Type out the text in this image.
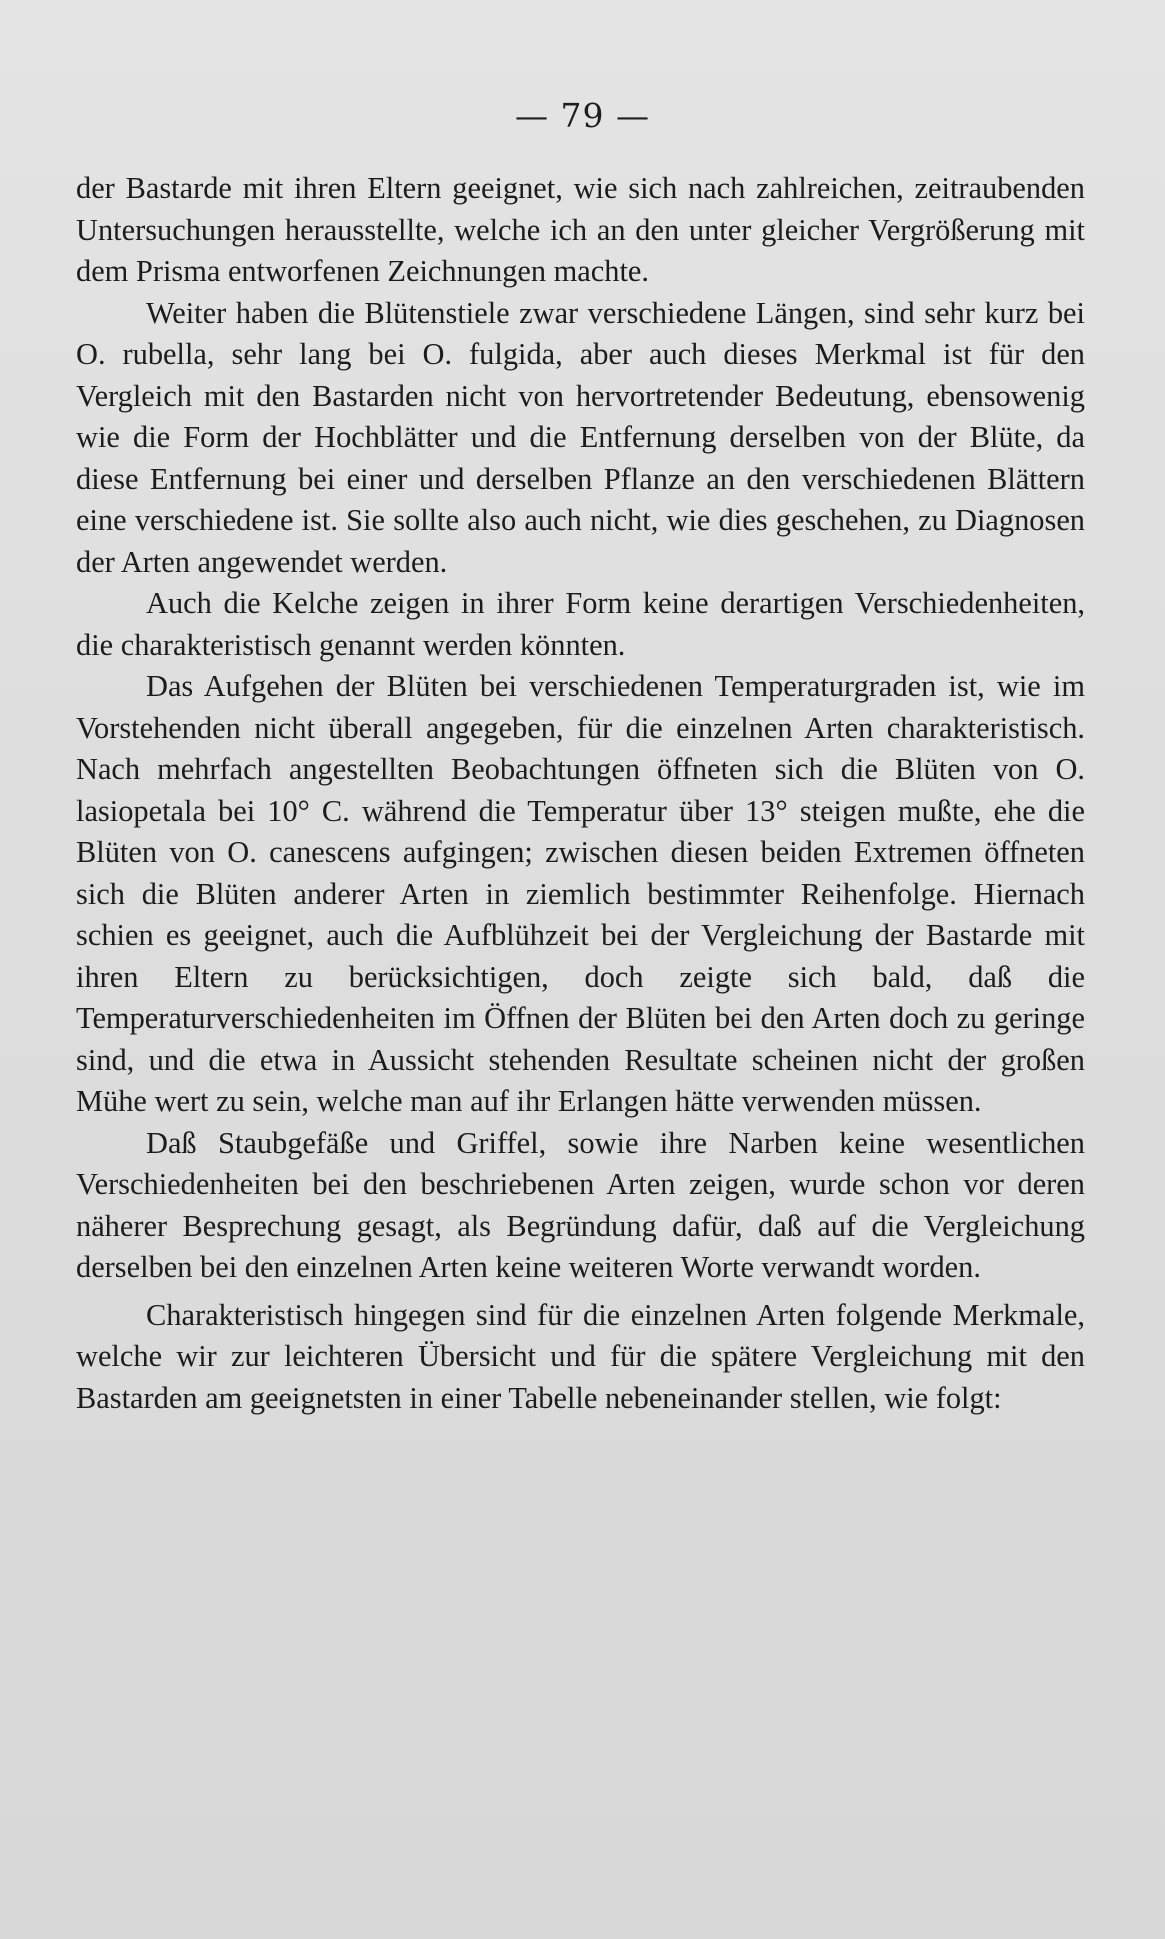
— 79 —

der Bastarde mit ihren Eltern geeignet, wie sich nach zahlreichen, zeitraubenden Untersuchungen herausstellte, welche ich an den unter gleicher Vergrößerung mit dem Prisma entworfenen Zeichnungen machte.

Weiter haben die Blütenstiele zwar verschiedene Längen, sind sehr kurz bei O. rubella, sehr lang bei O. fulgida, aber auch dieses Merkmal ist für den Vergleich mit den Bastarden nicht von hervortretender Bedeutung, ebensowenig wie die Form der Hochblätter und die Entfernung derselben von der Blüte, da diese Entfernung bei einer und derselben Pflanze an den verschiedenen Blättern eine verschiedene ist. Sie sollte also auch nicht, wie dies geschehen, zu Diagnosen der Arten angewendet werden.

Auch die Kelche zeigen in ihrer Form keine derartigen Verschiedenheiten, die charakteristisch genannt werden könnten.

Das Aufgehen der Blüten bei verschiedenen Temperaturgraden ist, wie im Vorstehenden nicht überall angegeben, für die einzelnen Arten charakteristisch. Nach mehrfach angestellten Beobachtungen öffneten sich die Blüten von O. lasiopetala bei 10° C. während die Temperatur über 13° steigen mußte, ehe die Blüten von O. canescens aufgingen; zwischen diesen beiden Extremen öffneten sich die Blüten anderer Arten in ziemlich bestimmter Reihenfolge. Hiernach schien es geeignet, auch die Aufblühzeit bei der Vergleichung der Bastarde mit ihren Eltern zu berücksichtigen, doch zeigte sich bald, daß die Temperaturverschiedenheiten im Öffnen der Blüten bei den Arten doch zu geringe sind, und die etwa in Aussicht stehenden Resultate scheinen nicht der großen Mühe wert zu sein, welche man auf ihr Erlangen hätte verwenden müssen.

Daß Staubgefäße und Griffel, sowie ihre Narben keine wesentlichen Verschiedenheiten bei den beschriebenen Arten zeigen, wurde schon vor deren näherer Besprechung gesagt, als Begründung dafür, daß auf die Vergleichung derselben bei den einzelnen Arten keine weiteren Worte verwandt worden.

Charakteristisch hingegen sind für die einzelnen Arten folgende Merkmale, welche wir zur leichteren Übersicht und für die spätere Vergleichung mit den Bastarden am geeignetsten in einer Tabelle nebeneinander stellen, wie folgt:
